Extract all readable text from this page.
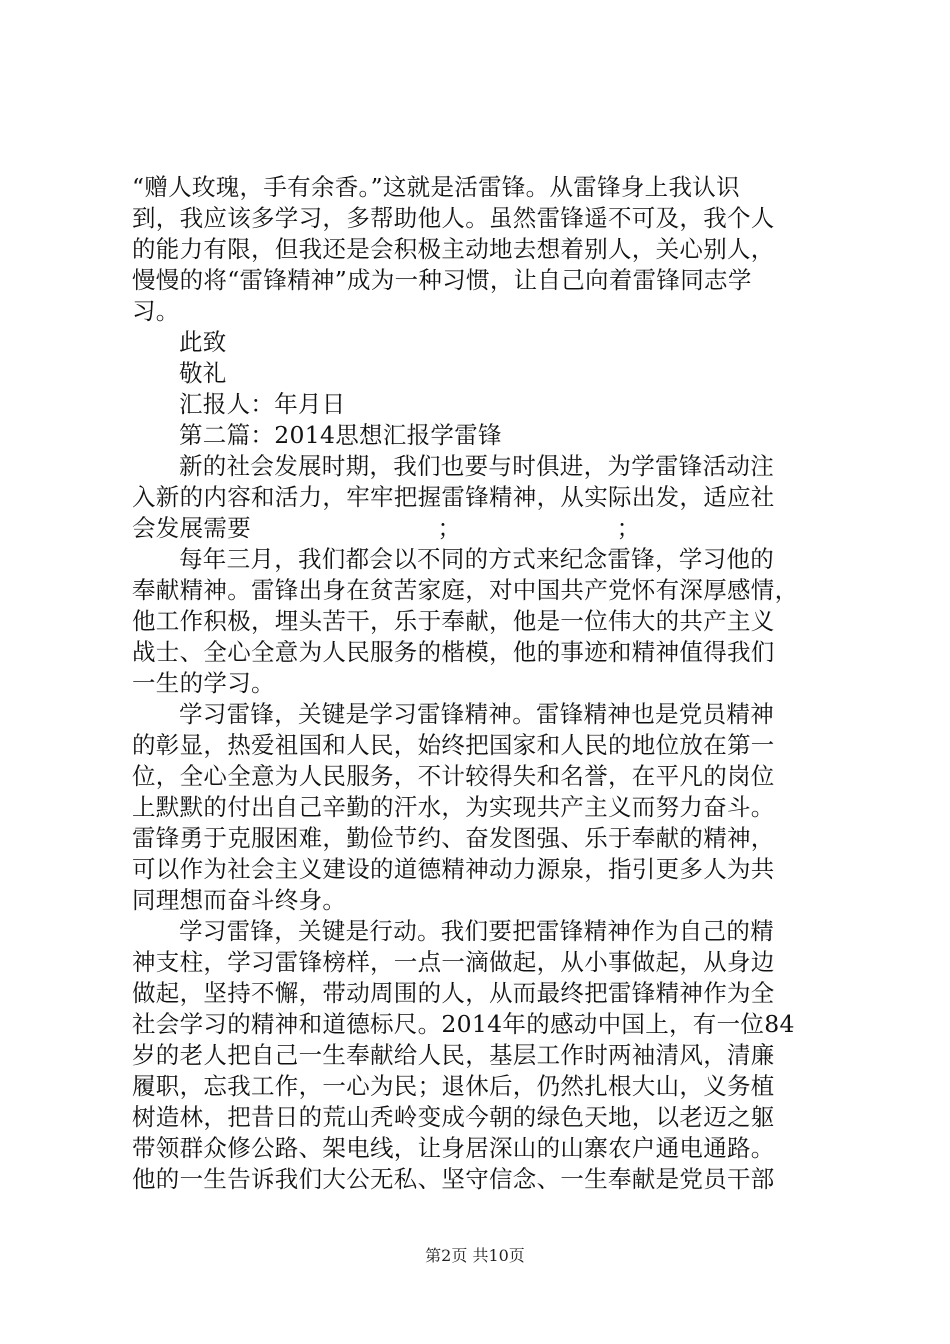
“赠人玫瑰，手有余香。”这就是活雷锋。从雷锋身上我认识
到，我应该多学习，多帮助他人。虽然雷锋遥不可及，我个人
的能力有限，但我还是会积极主动地去想着别人，关心别人，
慢慢的将“雷锋精神”成为一种习惯，让自己向着雷锋同志学
习。
此致
敬礼
汇报人：年月日
第二篇：2014思想汇报学雷锋
新的社会发展时期，我们也要与时俱进，为学雷锋活动注
入新的内容和活力，牢牢把握雷锋精神，从实际出发，适应社
会发展需要                        ；                    ；
每年三月，我们都会以不同的方式来纪念雷锋，学习他的
奉献精神。雷锋出身在贫苦家庭，对中国共产党怀有深厚感情，
他工作积极，埋头苦干，乐于奉献，他是一位伟大的共产主义
战士、全心全意为人民服务的楷模，他的事迹和精神值得我们
一生的学习。
学习雷锋，关键是学习雷锋精神。雷锋精神也是党员精神
的彰显，热爱祖国和人民，始终把国家和人民的地位放在第一
位，全心全意为人民服务，不计较得失和名誉，在平凡的岗位
上默默的付出自己辛勤的汗水，为实现共产主义而努力奋斗。
雷锋勇于克服困难，勤俭节约、奋发图强、乐于奉献的精神，
可以作为社会主义建设的道德精神动力源泉，指引更多人为共
同理想而奋斗终身。
学习雷锋，关键是行动。我们要把雷锋精神作为自己的精
神支柱，学习雷锋榜样，一点一滴做起，从小事做起，从身边
做起，坚持不懈，带动周围的人，从而最终把雷锋精神作为全
社会学习的精神和道德标尺。2014年的感动中国上，有一位84
岁的老人把自己一生奉献给人民，基层工作时两袖清风，清廉
履职，忘我工作，一心为民；退休后，仍然扎根大山，义务植
树造林，把昔日的荒山秃岭变成今朝的绿色天地，以老迈之躯
带领群众修公路、架电线，让身居深山的山寨农户通电通路。
他的一生告诉我们大公无私、坚守信念、一生奉献是党员干部
第2页 共10页
